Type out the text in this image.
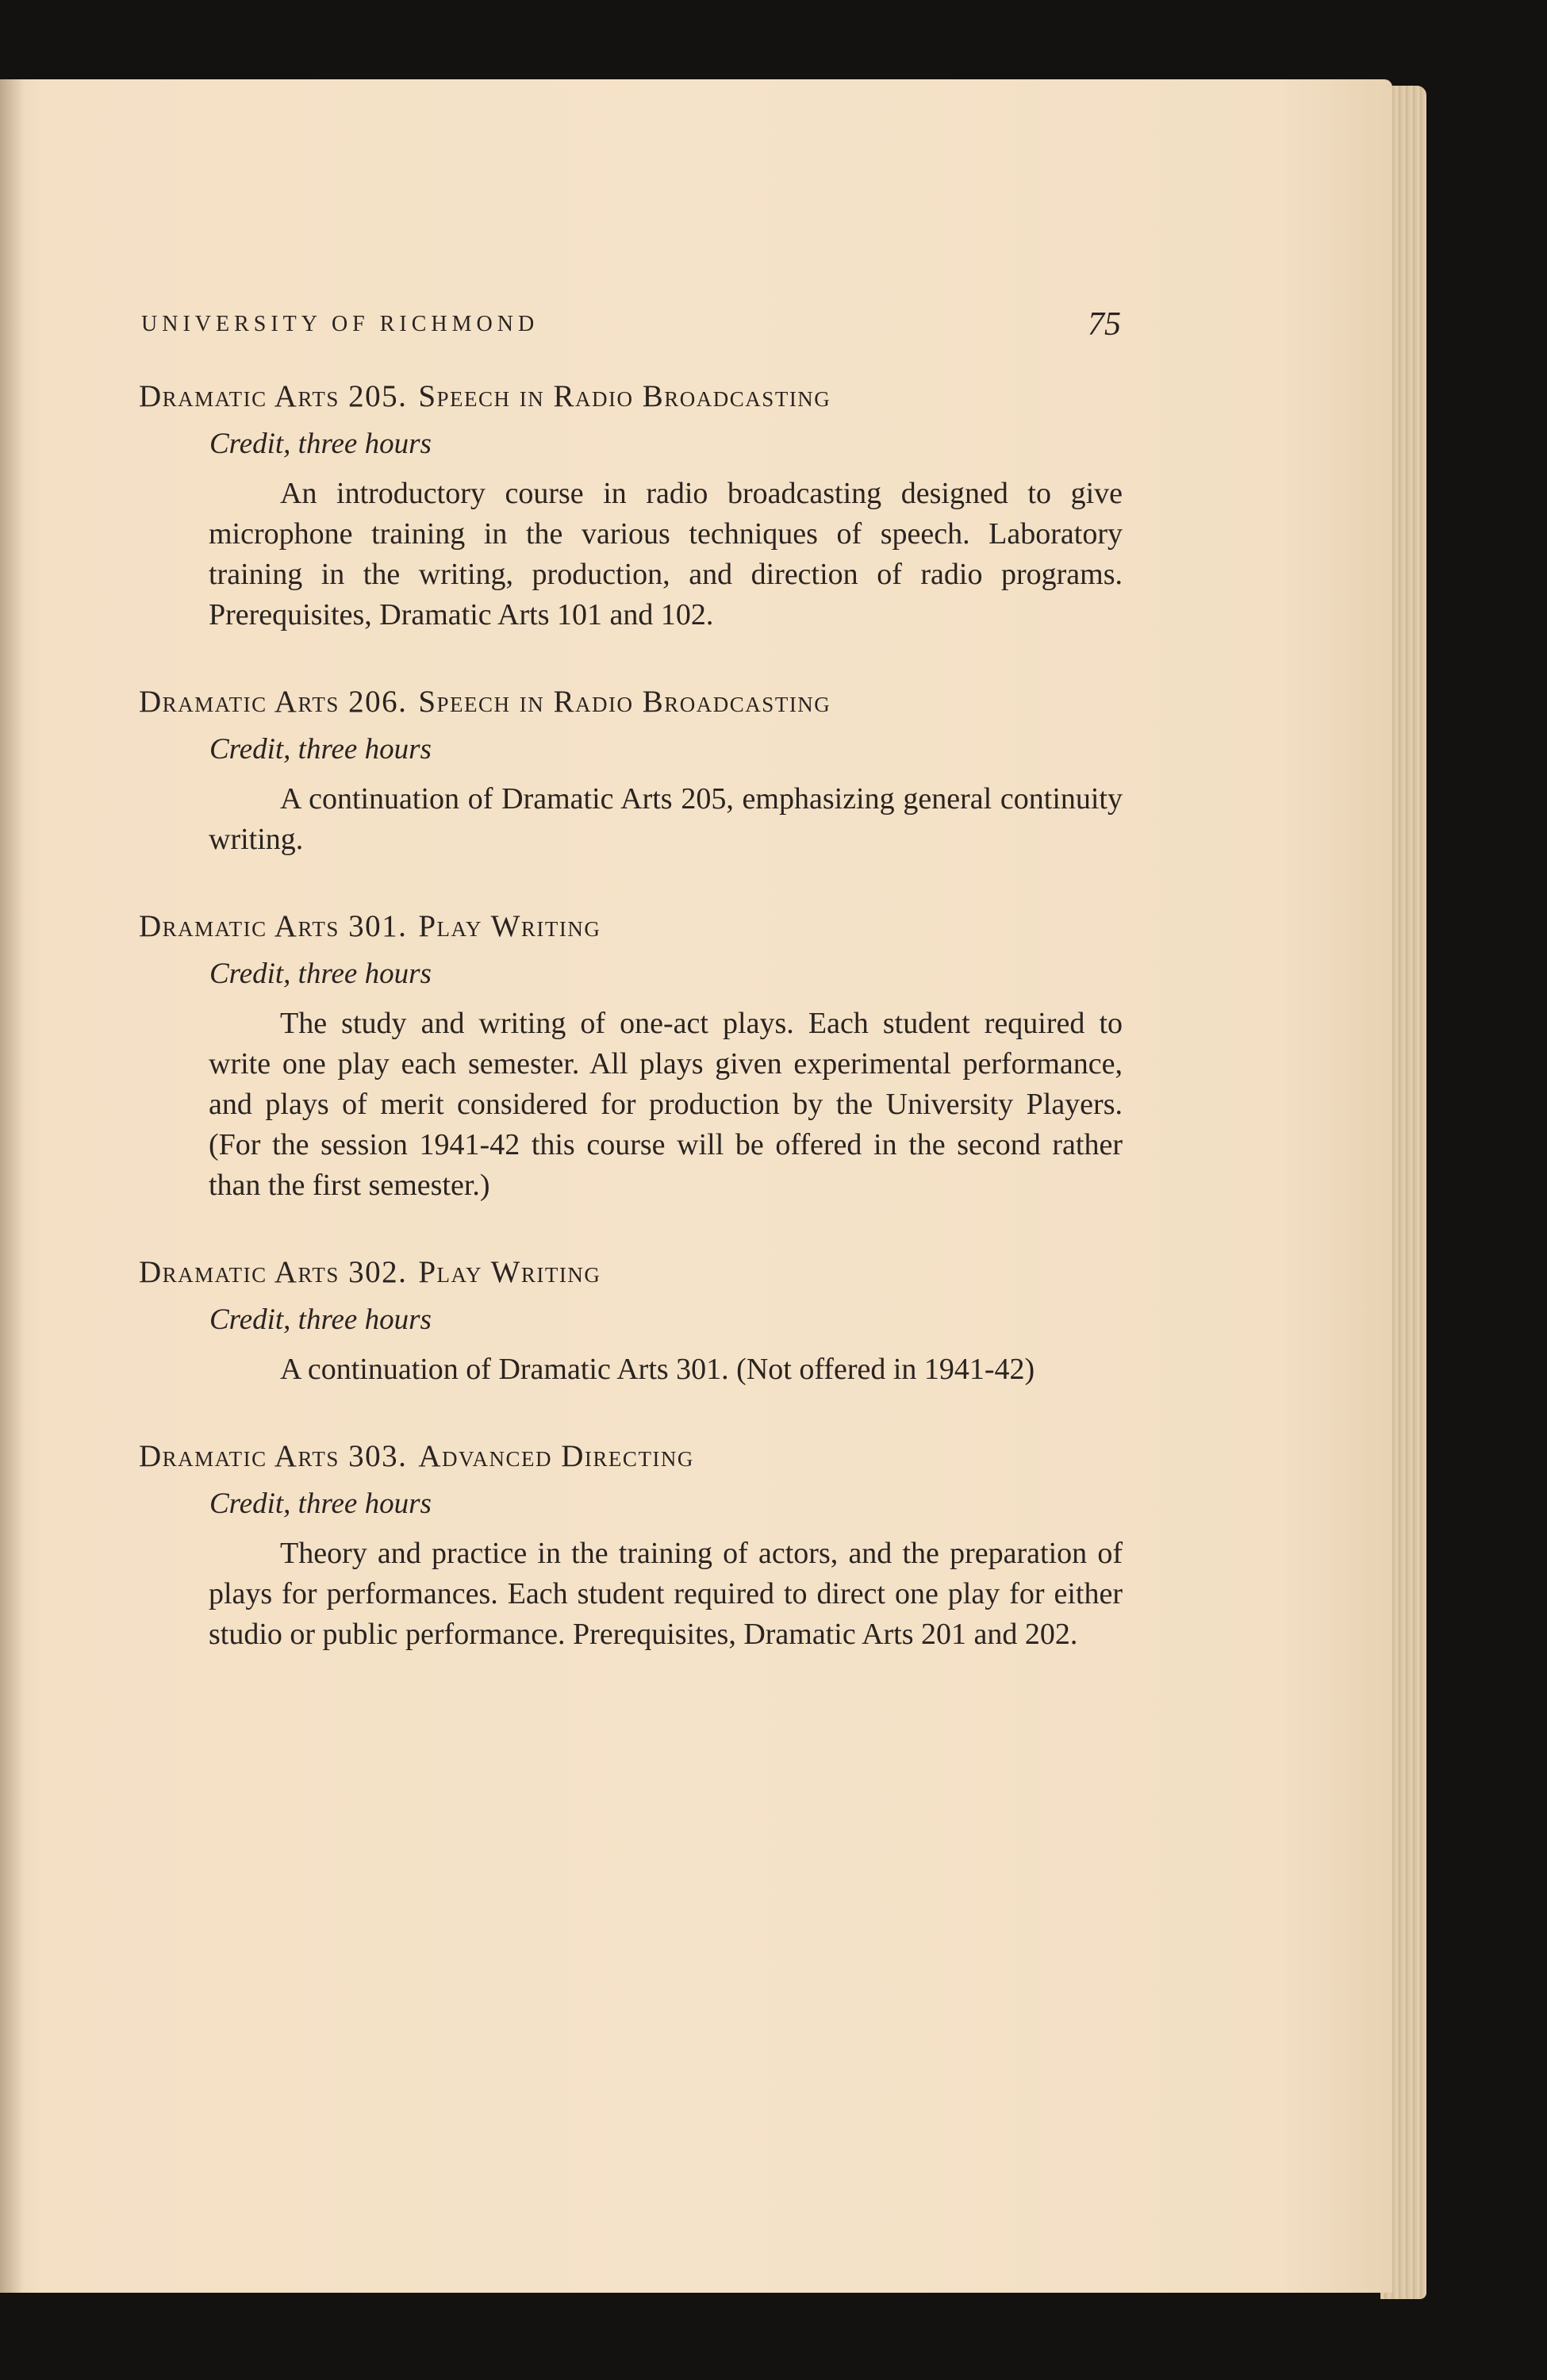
UNIVERSITY OF RICHMOND	75
Dramatic Arts 205. Speech in Radio Broadcasting
Credit, three hours
An introductory course in radio broadcasting designed to give microphone training in the various techniques of speech. Laboratory training in the writing, production, and direction of radio programs. Prerequisites, Dramatic Arts 101 and 102.
Dramatic Arts 206. Speech in Radio Broadcasting
Credit, three hours
A continuation of Dramatic Arts 205, emphasizing general continuity writing.
Dramatic Arts 301. Play Writing
Credit, three hours
The study and writing of one-act plays. Each student required to write one play each semester. All plays given experimental performance, and plays of merit considered for production by the University Players. (For the session 1941-42 this course will be offered in the second rather than the first semester.)
Dramatic Arts 302. Play Writing
Credit, three hours
A continuation of Dramatic Arts 301. (Not offered in 1941-42)
Dramatic Arts 303. Advanced Directing
Credit, three hours
Theory and practice in the training of actors, and the preparation of plays for performances. Each student required to direct one play for either studio or public performance. Prerequisites, Dramatic Arts 201 and 202.
